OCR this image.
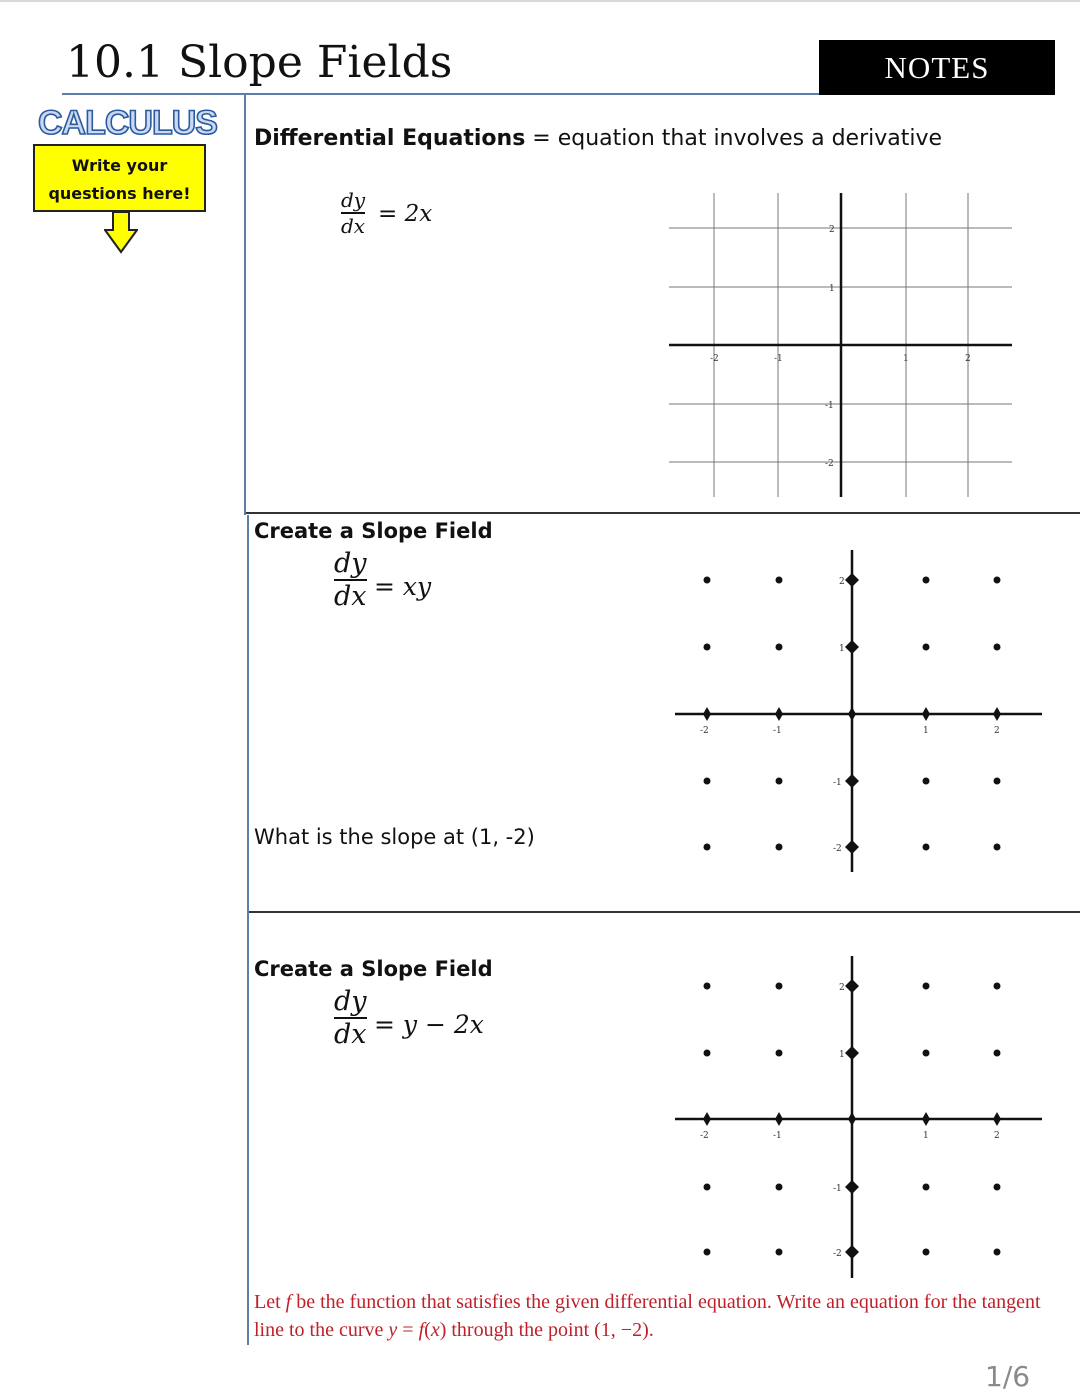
10.1 Slope Fields	NOTES
CALCULUS
Write your
questions here!
Differential Equations = equation that involves a derivative
dy
dx = 2x
-2	-1	1	2
2
1
-1
-2
Create a Slope Field
dy
dx = xy
What is the slope at (1, -2)
-2	-1	1	2
2
1
-1
-2
Create a Slope Field
dy
dx = y − 2x
-2	-1	1	2
2
1
-1
-2
Let f be the function that satisfies the given differential equation. Write an equation for the tangent line to the curve y = f(x) through the point (1, −2).
1/6
